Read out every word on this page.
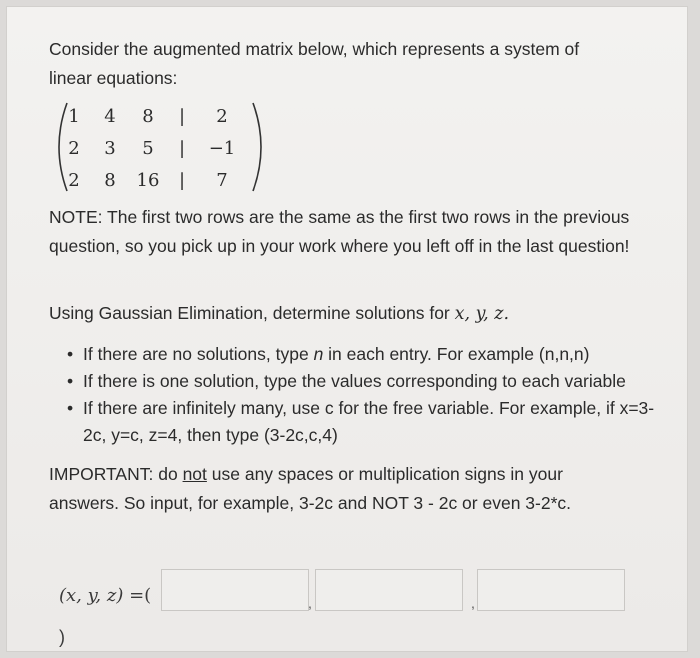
Consider the augmented matrix below, which represents a system of linear equations:

1	4	8	|	2
2	3	5	|	−1
2	8	16	|	7

NOTE: The first two rows are the same as the first two rows in the previous question, so you pick up in your work where you left off in the last question!

Using Gaussian Elimination, determine solutions for x, y, z.

• If there are no solutions, type n in each entry. For example (n,n,n)
• If there is one solution, type the values corresponding to each variable
• If there are infinitely many, use c for the free variable. For example, if x=3-2c, y=c, z=4, then type (3-2c,c,4)

IMPORTANT: do not use any spaces or multiplication signs in your answers. So input, for example, 3-2c and NOT 3 - 2c or even 3-2*c.

(x, y, z) =(	,	,
)
